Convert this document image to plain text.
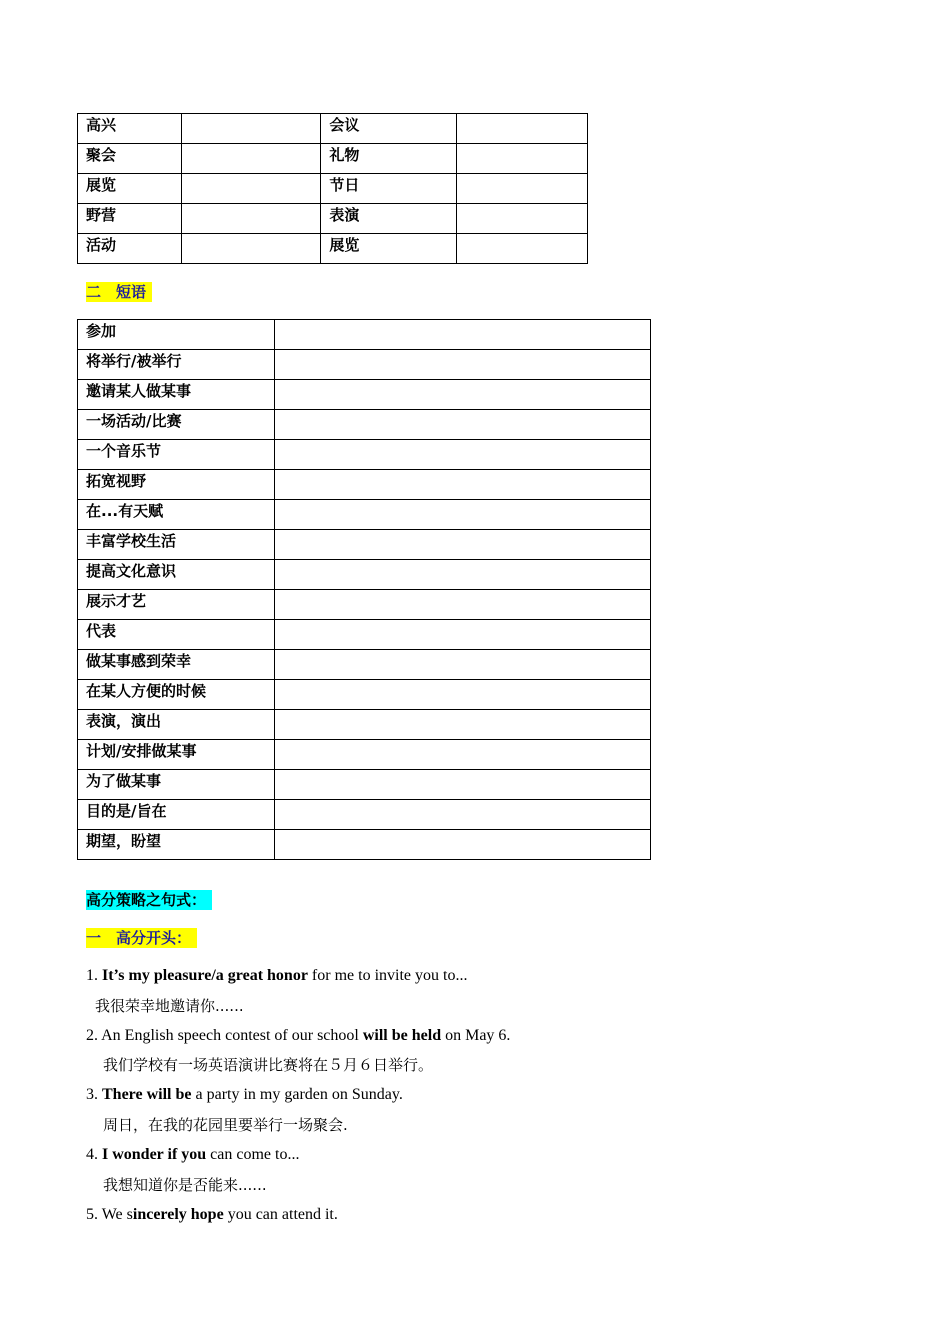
高兴		会议	
聚会		礼物	
展览		节日	
野营		表演	
活动		展览	
二　短语
参加	
将举行/被举行	
邀请某人做某事	
一场活动/比赛	
一个音乐节	
拓宽视野	
在...有天赋	
丰富学校生活	
提高文化意识	
展示才艺	
代表	
做某事感到荣幸	
在某人方便的时候	
表演，演出	
计划/安排做某事	
为了做某事	
目的是/旨在	
期望，盼望	
高分策略之句式：
一　高分开头：
1. It’s my pleasure/a great honor for me to invite you to...
我很荣幸地邀请你......
2. An English speech contest of our school will be held on May 6.
我们学校有一场英语演讲比赛将在５月６日举行。
3. There will be a party in my garden on Sunday.
周日，在我的花园里要举行一场聚会.
4. I wonder if you can come to...
我想知道你是否能来......
5. We sincerely hope you can attend it.
